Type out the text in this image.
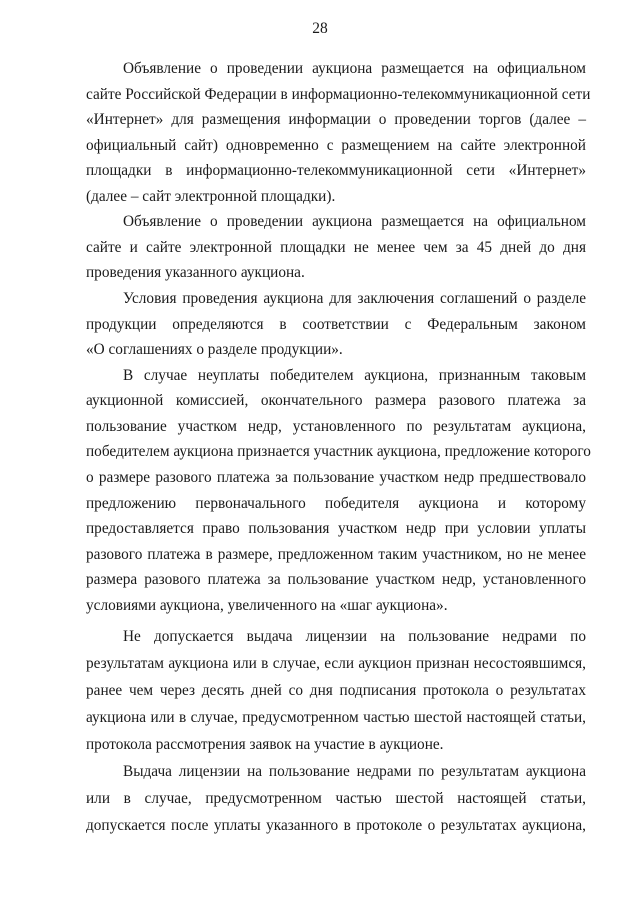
28
Объявление о проведении аукциона размещается на официальном
сайте Российской Федерации в информационно-телекоммуникационной сети
«Интернет» для размещения информации о проведении торгов (далее –
официальный сайт) одновременно с размещением на сайте электронной
площадки в информационно-телекоммуникационной сети «Интернет»
(далее – сайт электронной площадки).
Объявление о проведении аукциона размещается на официальном
сайте и сайте электронной площадки не менее чем за 45 дней до дня
проведения указанного аукциона.
Условия проведения аукциона для заключения соглашений о разделе
продукции определяются в соответствии с Федеральным законом
«О соглашениях о разделе продукции».
В случае неуплаты победителем аукциона, признанным таковым
аукционной комиссией, окончательного размера разового платежа за
пользование участком недр, установленного по результатам аукциона,
победителем аукциона признается участник аукциона, предложение которого
о размере разового платежа за пользование участком недр предшествовало
предложению первоначального победителя аукциона и которому
предоставляется право пользования участком недр при условии уплаты
разового платежа в размере, предложенном таким участником, но не менее
размера разового платежа за пользование участком недр, установленного
условиями аукциона, увеличенного на «шаг аукциона».
Не допускается выдача лицензии на пользование недрами по
результатам аукциона или в случае, если аукцион признан несостоявшимся,
ранее чем через десять дней со дня подписания протокола о результатах
аукциона или в случае, предусмотренном частью шестой настоящей статьи,
протокола рассмотрения заявок на участие в аукционе.
Выдача лицензии на пользование недрами по результатам аукциона
или в случае, предусмотренном частью шестой настоящей статьи,
допускается после уплаты указанного в протоколе о результатах аукциона,
